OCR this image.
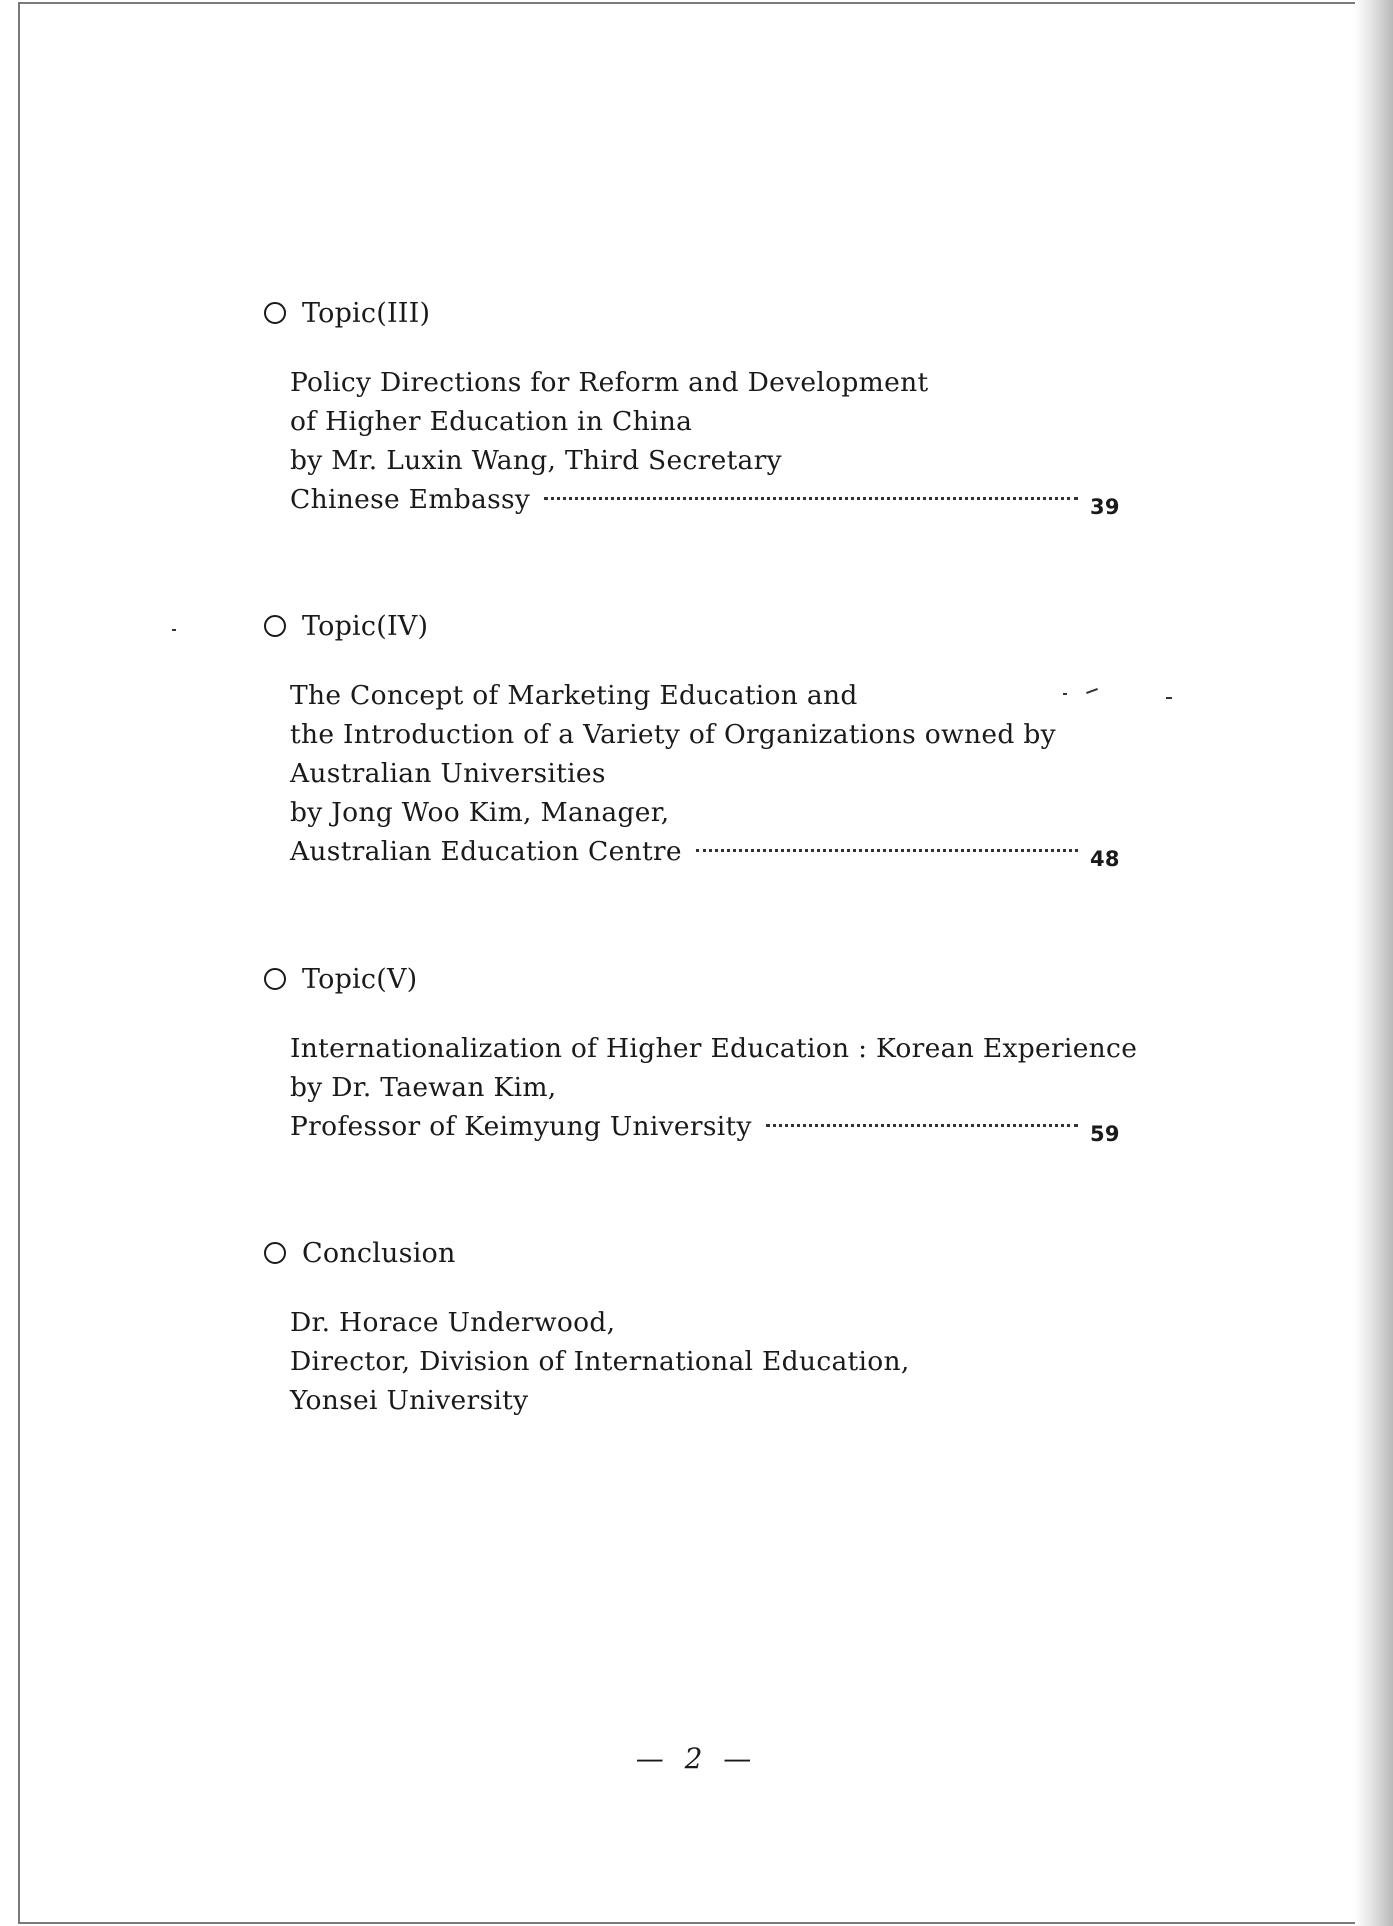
Topic(III)
Policy Directions for Reform and Development
of Higher Education in China
by Mr. Luxin Wang, Third Secretary
Chinese Embassy	39
Topic(IV)
The Concept of Marketing Education and
the Introduction of a Variety of Organizations owned by
Australian Universities
by Jong Woo Kim, Manager,
Australian Education Centre	48
Topic(V)
Internationalization of Higher Education : Korean Experience
by Dr. Taewan Kim,
Professor of Keimyung University	59
Conclusion
Dr. Horace Underwood,
Director, Division of International Education,
Yonsei University
— 2 —
